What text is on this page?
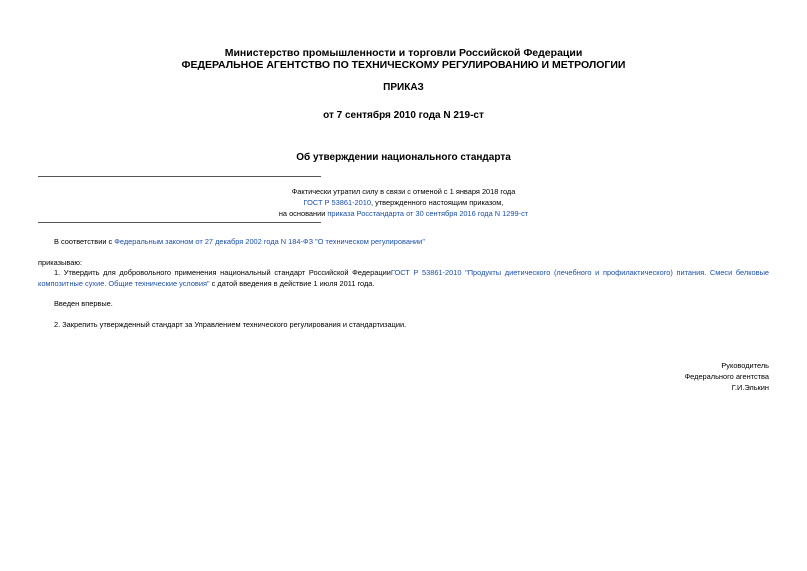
Министерство промышленности и торговли Российской Федерации
ФЕДЕРАЛЬНОЕ АГЕНТСТВО ПО ТЕХНИЧЕСКОМУ РЕГУЛИРОВАНИЮ И МЕТРОЛОГИИ
ПРИКАЗ
от 7 сентября 2010 года N 219-ст
Об утверждении национального стандарта
Фактически утратил силу в связи с отменой с 1 января 2018 года
ГОСТ Р 53861-2010, утвержденного настоящим приказом,
на основании приказа Росстандарта от 30 сентября 2016 года N 1299-ст
В соответствии с Федеральным законом от 27 декабря 2002 года N 184-ФЗ "О техническом регулировании"
приказываю:
1. Утвердить для добровольного применения национальный стандарт Российской ФедерацииГОСТ Р 53861-2010 "Продукты диетического (лечебного и профилактического) питания. Смеси белковые композитные сухие. Общие технические условия" с датой введения в действие 1 июля 2011 года.
Введен впервые.
2. Закрепить утвержденный стандарт за Управлением технического регулирования и стандартизации.
Руководитель
Федерального агентства
Г.И.Элькин
